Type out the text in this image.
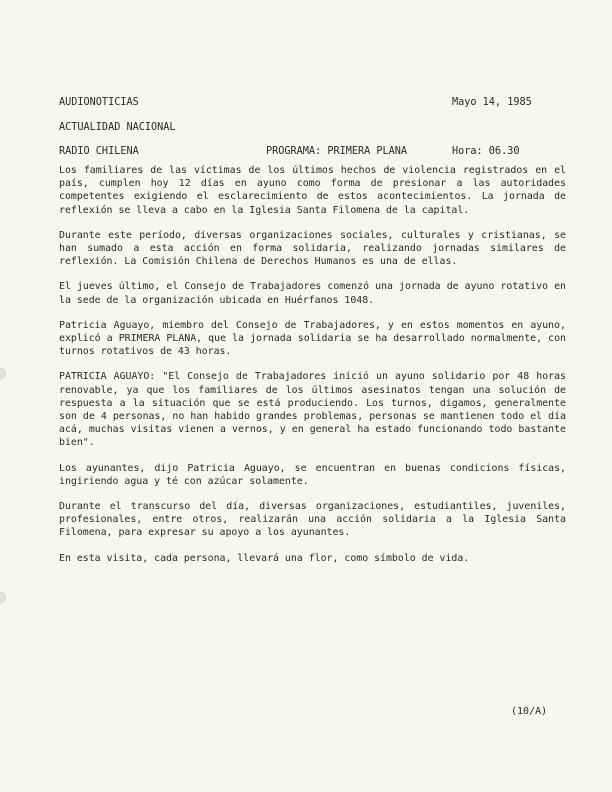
AUDIONOTICIAS	Mayo 14, 1985
ACTUALIDAD NACIONAL
RADIO CHILENA	PROGRAMA: PRIMERA PLANA	Hora: 06.30

Los familiares de las víctimas de los últimos hechos de violencia registrados en el país, cumplen hoy 12 días en ayuno como forma de presionar a las autoridades competentes exigiendo el esclarecimiento de estos acontecimientos. La jornada de reflexión se lleva a cabo en la Iglesia Santa Filomena de la capital.

Durante este período, diversas organizaciones sociales, culturales y cristianas, se han sumado a esta acción en forma solidaria, realizando jornadas similares de reflexión. La Comisión Chilena de Derechos Humanos es una de ellas.

El jueves último, el Consejo de Trabajadores comenzó una jornada de ayuno rotativo en la sede de la organización ubicada en Huérfanos 1048.

Patricia Aguayo, miembro del Consejo de Trabajadores, y en estos momentos en ayuno, explicó a PRIMERA PLANA, que la jornada solidaria se ha desarrollado normalmente, con turnos rotativos de 43 horas.

PATRICIA AGUAYO: "El Consejo de Trabajadores inició un ayuno solidario por 48 horas renovable, ya que los familiares de los últimos asesinatos tengan una solución de respuesta a la situación que se está produciendo. Los turnos, digamos, generalmente son de 4 personas, no han habido grandes problemas, personas se mantienen todo el día acá, muchas visitas vienen a vernos, y en general ha estado funcionando todo bastante bien".

Los ayunantes, dijo Patricia Aguayo, se encuentran en buenas condicions físicas, ingiriendo agua y té con azúcar solamente.

Durante el transcurso del día, diversas organizaciones, estudiantiles, juveniles, profesionales, entre otros, realizarán una acción solidaria a la Iglesia Santa Filomena, para expresar su apoyo a los ayunantes.

En esta visita, cada persona, llevará una flor, como símbolo de vida.

(10/A)
